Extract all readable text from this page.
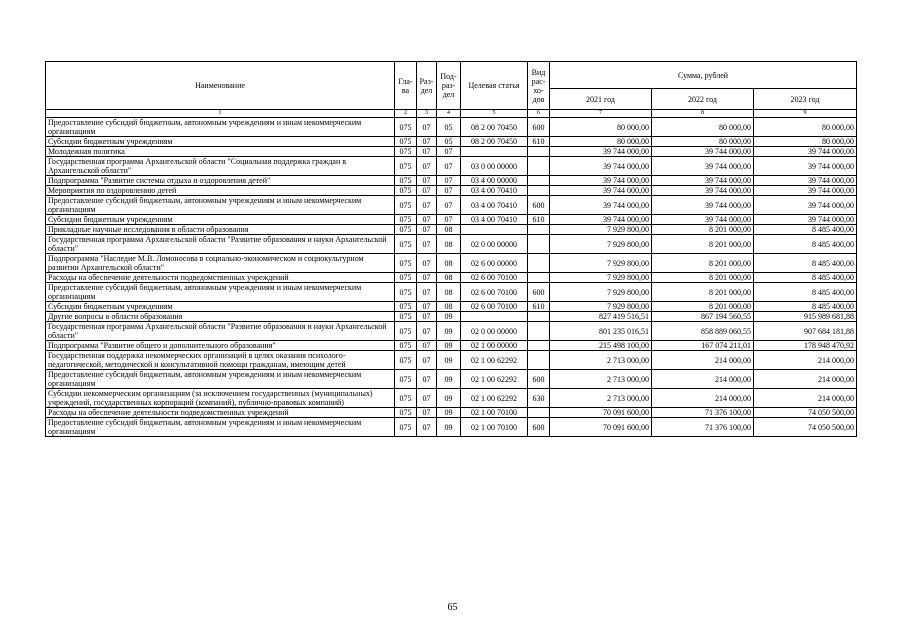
Наименование	Гла-ва	Раз-дел	Под-раз-дел	Целевая статья	Вид рас-хо-дов	Сумма, рублей		
						2021 год	2022 год	2023 год
1	2	3	4	5	6	7	8	9
Предоставление субсидий бюджетным, автономным учреждениям и иным некоммерческим организациям	075	07	05	08 2 00 70450	600	80 000,00	80 000,00	80 000,00
Субсидии бюджетным учреждениям	075	07	05	08 2 00 70450	610	80 000,00	80 000,00	80 000,00
Молодежная политика	075	07	07			39 744 000,00	39 744 000,00	39 744 000,00
Государственная программа Архангельской области "Социальная поддержка граждан в Архангельской области"	075	07	07	03 0 00 00000		39 744 000,00	39 744 000,00	39 744 000,00
Подпрограмма "Развитие системы отдыха и оздоровления детей"	075	07	07	03 4 00 00000		39 744 000,00	39 744 000,00	39 744 000,00
Мероприятия по оздоровлению детей	075	07	07	03 4 00 70410		39 744 000,00	39 744 000,00	39 744 000,00
Предоставление субсидий бюджетным, автономным учреждениям и иным некоммерческим организациям	075	07	07	03 4 00 70410	600	39 744 000,00	39 744 000,00	39 744 000,00
Субсидии бюджетным учреждениям	075	07	07	03 4 00 70410	610	39 744 000,00	39 744 000,00	39 744 000,00
Прикладные научные исследования в области образования	075	07	08			7 929 800,00	8 201 000,00	8 485 400,00
Государственная программа Архангельской области "Развитие образования и науки Архангельской области"	075	07	08	02 0 00 00000		7 929 800,00	8 201 000,00	8 485 400,00
Подпрограмма "Наследие М.В. Ломоносова в социально-экономическом и социокультурном развитии Архангельской области"	075	07	08	02 6 00 00000		7 929 800,00	8 201 000,00	8 485 400,00
Расходы на обеспечение деятельности подведомственных учреждений	075	07	08	02 6 00 70100		7 929 800,00	8 201 000,00	8 485 400,00
Предоставление субсидий бюджетным, автономным учреждениям и иным некоммерческим организациям	075	07	08	02 6 00 70100	600	7 929 800,00	8 201 000,00	8 485 400,00
Субсидии бюджетным учреждениям	075	07	08	02 6 00 70100	610	7 929 800,00	8 201 000,00	8 485 400,00
Другие вопросы в области образования	075	07	09			827 419 516,51	867 194 560,55	915 989 681,88
Государственная программа Архангельской области "Развитие образования и науки Архангельской области"	075	07	09	02 0 00 00000		801 235 016,51	858 889 060,55	907 684 181,88
Подпрограмма "Развитие общего и дополнительного образования"	075	07	09	02 1 00 00000		215 498 100,00	167 074 211,01	178 948 470,92
Государственная поддержка некоммерческих организаций в целях оказания психолого-педагогической, методической и консультативной помощи гражданам, имеющим детей	075	07	09	02 1 00 62292		2 713 000,00	214 000,00	214 000,00
Предоставление субсидий бюджетным, автономным учреждениям и иным некоммерческим организациям	075	07	09	02 1 00 62292	600	2 713 000,00	214 000,00	214 000,00
Субсидии некоммерческим организациям (за исключением государственных (муниципальных) учреждений, государственных корпораций (компаний), публично-правовых компаний)	075	07	09	02 1 00 62292	630	2 713 000,00	214 000,00	214 000,00
Расходы на обеспечение деятельности подведомственных учреждений	075	07	09	02 1 00 70100		70 091 600,00	71 376 100,00	74 050 500,00
Предоставление субсидий бюджетным, автономным учреждениям и иным некоммерческим организациям	075	07	09	02 1 00 70100	600	70 091 600,00	71 376 100,00	74 050 500,00
65
